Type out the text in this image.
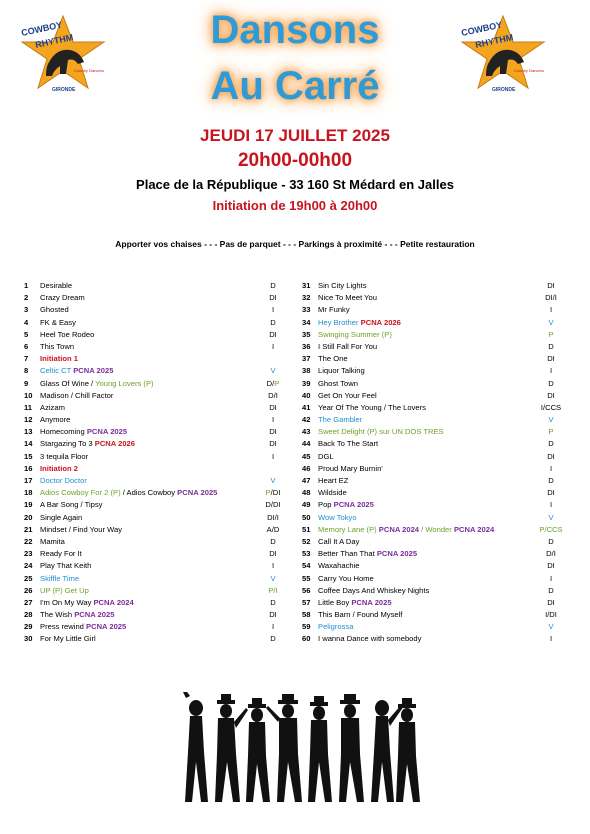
COWBOY
RHYTHM
Country Dancers
GIRONDE
COWBOY
RHYTHM
Country Dancers
GIRONDE
Dansons
Au Carré
JEUDI 17 JUILLET 2025
20h00-00h00
Place de la République - 33 160 St Médard en Jalles
Initiation de 19h00 à 20h00
Apporter vos chaises - - - Pas de parquet - - - Parkings à proximité - - - Petite restauration
1	Desirable	D
2	Crazy Dream	DI
3	Ghosted	I
4	FK & Easy	D
5	Heel Toe Rodeo	DI
6	This Town	I
7	Initiation 1
8	Celtic CT PCNA 2025	V
9	Glass Of Wine / Young Lovers (P)	D/P
10 Madison / Chill Factor	D/I
11	Azizam	DI
12 Anymore	I
13 Homecoming PCNA 2025	DI
14 Stargazing To 3 PCNA 2026	DI
15 3 tequila Floor	I
16 Initiation 2
17 Doctor Doctor	V
18 Adios Cowboy For 2 (P) / Adios Cowboy PCNA 2025	P/DI
19 A Bar Song / Tipsy	D/DI
20 Single Again	DI/I
21 Mindset / Find Your Way	A/D
22 Mamita	D
23 Ready For It	DI
24 Play That Keith	I
25 Skiffle Time	V
26 UP (P) Get Up	P/I
27 I'm On My Way PCNA 2024	D
28 The Wish PCNA 2025	DI
29 Press rewind PCNA 2025	I
30 For My Little Girl	D
31 Sin City Lights	DI
32 Nice To Meet You	DI/I
33 Mr Funky	I
34 Hey Brother PCNA 2026	V
35 Swinging Summer (P)	P
36 I Still Fall For You	D
37 The One	DI
38 Liquor Talking	I
39 Ghost Town	D
40 Get On Your Feel	DI
41 Year Of The Young / The Lovers	I/CCS
42 The Gambler	V
43 Sweet Delight (P) sur UN DOS TRES	P
44 Back To The Start	D
45 DGL	DI
46 Proud Mary Burnin'	I
47 Heart EZ	D
48 Wildside	DI
49 Pop PCNA 2025	I
50 Wow Tokyo	V
51 Memory Lane (P) PCNA 2024 / Wonder PCNA 2024	P/CCS
52 Call It A Day	D
53 Better Than That PCNA 2025	D/I
54 Waxahachie	DI
55 Carry You Home	I
56 Coffee Days And Whiskey Nights	D
57 Little Boy PCNA 2025	DI
58 This Barn / Found Myself	I/DI
59 Peligrossa	V
60 I wanna Dance with somebody	I
